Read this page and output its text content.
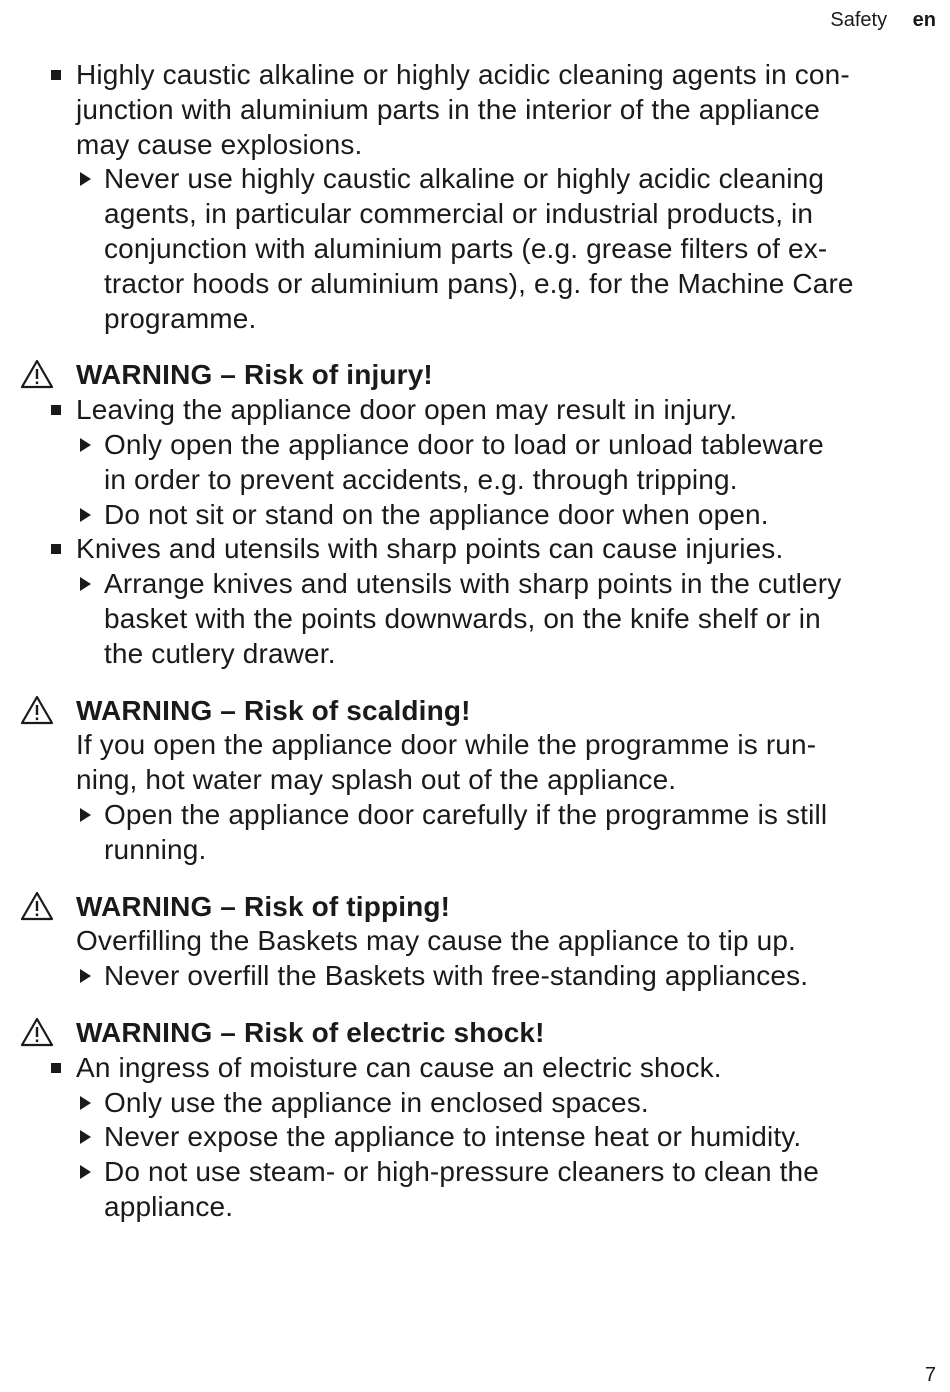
Safety en
Highly caustic alkaline or highly acidic cleaning agents in con-
junction with aluminium parts in the interior of the appliance
may cause explosions.
Never use highly caustic alkaline or highly acidic cleaning
agents, in particular commercial or industrial products, in
conjunction with aluminium parts (e.g. grease filters of ex-
tractor hoods or aluminium pans), e.g. for the Machine Care
programme.
WARNING – Risk of injury!
Leaving the appliance door open may result in injury.
Only open the appliance door to load or unload tableware
in order to prevent accidents, e.g. through tripping.
Do not sit or stand on the appliance door when open.
Knives and utensils with sharp points can cause injuries.
Arrange knives and utensils with sharp points in the cutlery
basket with the points downwards, on the knife shelf or in
the cutlery drawer.
WARNING – Risk of scalding!
If you open the appliance door while the programme is run-
ning, hot water may splash out of the appliance.
Open the appliance door carefully if the programme is still
running.
WARNING – Risk of tipping!
Overfilling the Baskets may cause the appliance to tip up.
Never overfill the Baskets with free-standing appliances.
WARNING – Risk of electric shock!
An ingress of moisture can cause an electric shock.
Only use the appliance in enclosed spaces.
Never expose the appliance to intense heat or humidity.
Do not use steam- or high-pressure cleaners to clean the
appliance.
7
